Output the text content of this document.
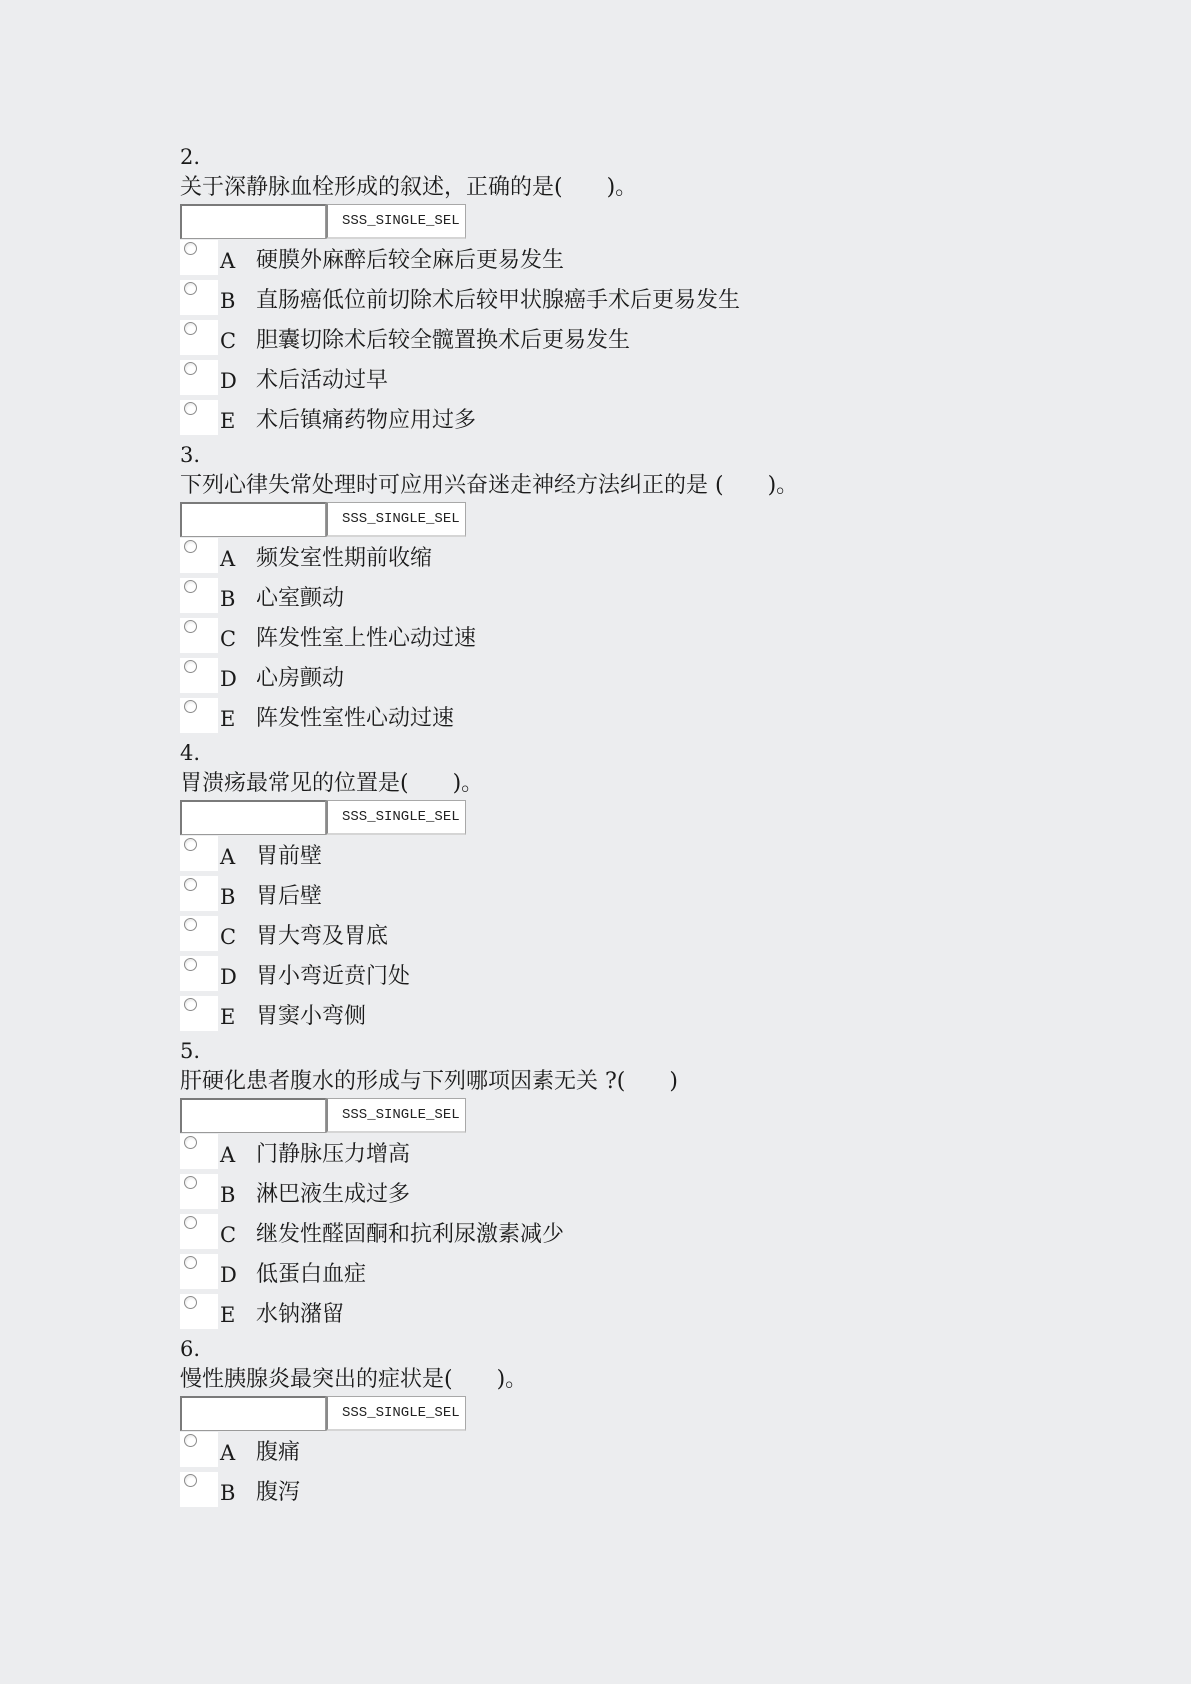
2.
关于深静脉血栓形成的叙述，正确的是(　　)。
SSS_SINGLE_SEL
A 硬膜外麻醉后较全麻后更易发生
B 直肠癌低位前切除术后较甲状腺癌手术后更易发生
C 胆囊切除术后较全髋置换术后更易发生
D 术后活动过早
E 术后镇痛药物应用过多
3.
下列心律失常处理时可应用兴奋迷走神经方法纠正的是 (　　)。
SSS_SINGLE_SEL
A 频发室性期前收缩
B 心室颤动
C 阵发性室上性心动过速
D 心房颤动
E 阵发性室性心动过速
4.
胃溃疡最常见的位置是(　　)。
SSS_SINGLE_SEL
A 胃前壁
B 胃后壁
C 胃大弯及胃底
D 胃小弯近贲门处
E 胃窦小弯侧
5.
肝硬化患者腹水的形成与下列哪项因素无关 ?(　　)
SSS_SINGLE_SEL
A 门静脉压力增高
B 淋巴液生成过多
C 继发性醛固酮和抗利尿激素减少
D 低蛋白血症
E 水钠潴留
6.
慢性胰腺炎最突出的症状是(　　)。
SSS_SINGLE_SEL
A 腹痛
B 腹泻
